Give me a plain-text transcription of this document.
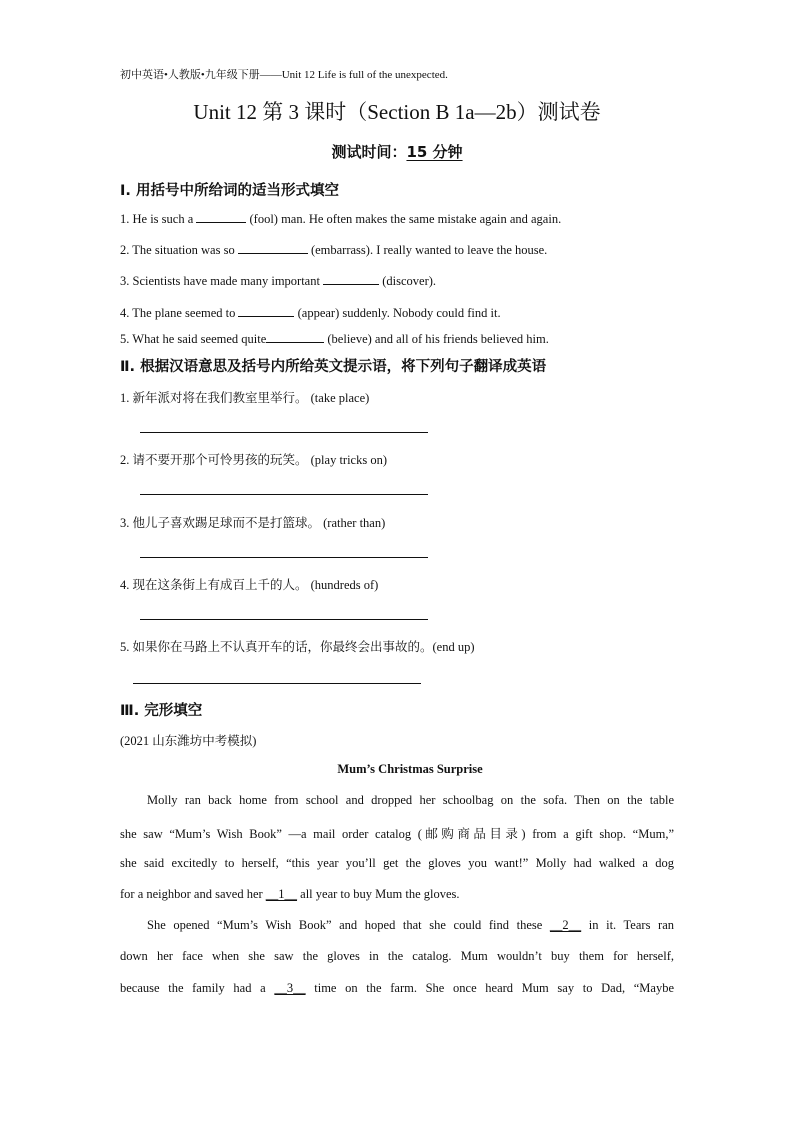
初中英语•人教版•九年级下册——Unit 12 Life is full of the unexpected.
Unit 12 第 3 课时（Section B 1a—2b）测试卷
测试时间：15 分钟
Ⅰ. 用括号中所给词的适当形式填空
1. He is such a	(fool) man. He often makes the same mistake again and again.
2. The situation was so	(embarrass). I really wanted to leave the house.
3. Scientists have made many important	(discover).
4. The plane seemed to	(appear) suddenly. Nobody could find it.
5. What he said seemed quite	(believe) and all of his friends believed him.
Ⅱ. 根据汉语意思及括号内所给英文提示语，将下列句子翻译成英语
1. 新年派对将在我们教室里举行。 (take place)
2. 请不要开那个可怜男孩的玩笑。 (play tricks on)
3. 他儿子喜欢踢足球而不是打篮球。 (rather than)
4. 现在这条街上有成百上千的人。 (hundreds of)
5. 如果你在马路上不认真开车的话，你最终会出事故的。(end up)
Ⅲ. 完形填空
(2021 山东潍坊中考模拟)
Mum’s Christmas Surprise
Molly ran back home from school and dropped her schoolbag on the sofa. Then on the table
she saw “Mum’s Wish Book” —a mail order catalog (邮购商品目录) from a gift shop. “Mum,”
she said excitedly to herself, “this year you’ll get the gloves you want!” Molly had walked a dog
for a neighbor and saved her __1__ all year to buy Mum the gloves.
She opened “Mum’s Wish Book” and hoped that she could find these __2__ in it. Tears ran
down her face when she saw the gloves in the catalog. Mum wouldn’t buy them for herself,
because the family had a __3__ time on the farm. She once heard Mum say to Dad, “Maybe
